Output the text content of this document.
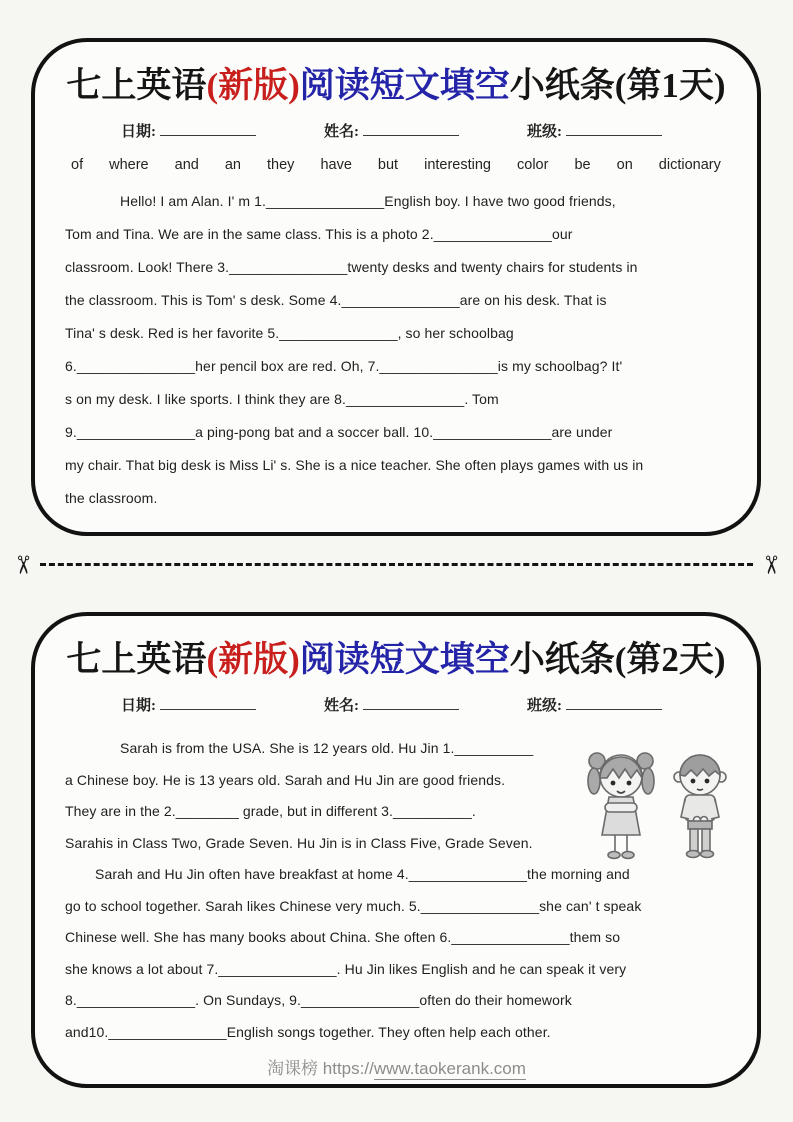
七上英语(新版)阅读短文填空小纸条(第1天)
日期:	姓名:	班级:
of where and an they have but interesting color be on dictionary
Hello! I am Alan. I' m 1._______________English boy. I have two good friends,
Tom and Tina. We are in the same class. This is a photo 2._______________our
classroom. Look! There 3._______________twenty desks and twenty chairs for students in
the classroom. This is Tom' s desk. Some 4._______________are on his desk. That is
Tina' s desk. Red is her favorite 5._______________, so her schoolbag
6._______________her pencil box are red. Oh, 7._______________is my schoolbag? It'
s on my desk. I like sports. I think they are 8._______________. Tom
9._______________a ping-pong bat and a soccer ball. 10._______________are under
my chair. That big desk is Miss Li' s. She is a nice teacher. She often plays games with us in
the classroom.
✂	✂
七上英语(新版)阅读短文填空小纸条(第2天)
日期:	姓名:	班级:
Sarah is from the USA. She is 12 years old. Hu Jin 1.__________
a Chinese boy. He is 13 years old. Sarah and Hu Jin are good friends.
They are in the 2.________ grade, but in different 3.__________.
Sarahis in Class Two, Grade Seven. Hu Jin is in Class Five, Grade Seven.
Sarah and Hu Jin often have breakfast at home 4._______________the morning and
go to school together. Sarah likes Chinese very much. 5._______________she can' t speak
Chinese well. She has many books about China. She often 6._______________them so
she knows a lot about 7._______________. Hu Jin likes English and he can speak it very
8._______________. On Sundays, 9._______________often do their homework
and10._______________English songs together. They often help each other.
淘课榜 https://www.taokerank.com
